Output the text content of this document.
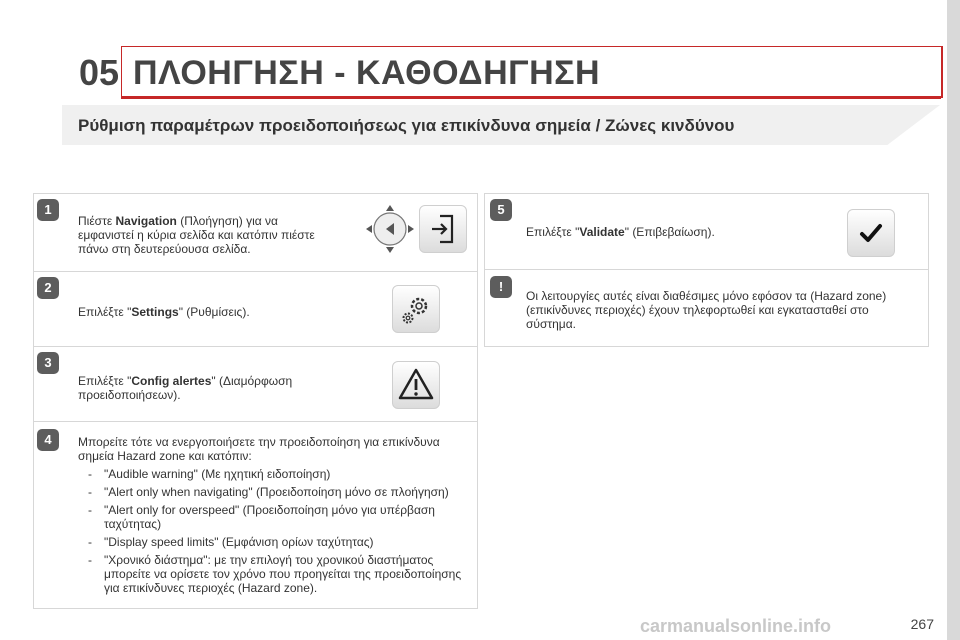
05 ΠΛΟΗΓΗΣΗ - ΚΑΘΟΔΗΓΗΣΗ
Ρύθμιση παραμέτρων προειδοποιήσεως για επικίνδυνα σημεία / Ζώνες κινδύνου
1
Πιέστε Navigation (Πλοήγηση) για να
εμφανιστεί η κύρια σελίδα και κατόπιν πιέστε
πάνω στη δευτερεύουσα σελίδα.
2
Επιλέξτε "Settings" (Ρυθμίσεις).
3
Επιλέξτε "Config alertes" (Διαμόρφωση
προειδοποιήσεων).
4	Μπορείτε τότε να ενεργοποιήσετε την προειδοποίηση για επικίνδυνα
σημεία Hazard zone και κατόπιν:
- "Audible warning" (Με ηχητική ειδοποίηση)
- "Alert only when navigating" (Προειδοποίηση μόνο σε πλοήγηση)
- "Alert only for overspeed" (Προειδοποίηση μόνο για υπέρβαση ταχύτητας)
- "Display speed limits" (Εμφάνιση ορίων ταχύτητας)
- "Χρονικό διάστημα": με την επιλογή του χρονικού διαστήματος μπορείτε να ορίσετε τον χρόνο που προηγείται της προειδοποίησης για επικίνδυνες περιοχές (Hazard zone).
5
Επιλέξτε "Validate" (Επιβεβαίωση).
!
Οι λειτουργίες αυτές είναι διαθέσιμες μόνο εφόσον τα (Hazard zone)
(επικίνδυνες περιοχές) έχουν τηλεφορτωθεί και εγκατασταθεί στο
σύστημα.
carmanualsonline.info	267
